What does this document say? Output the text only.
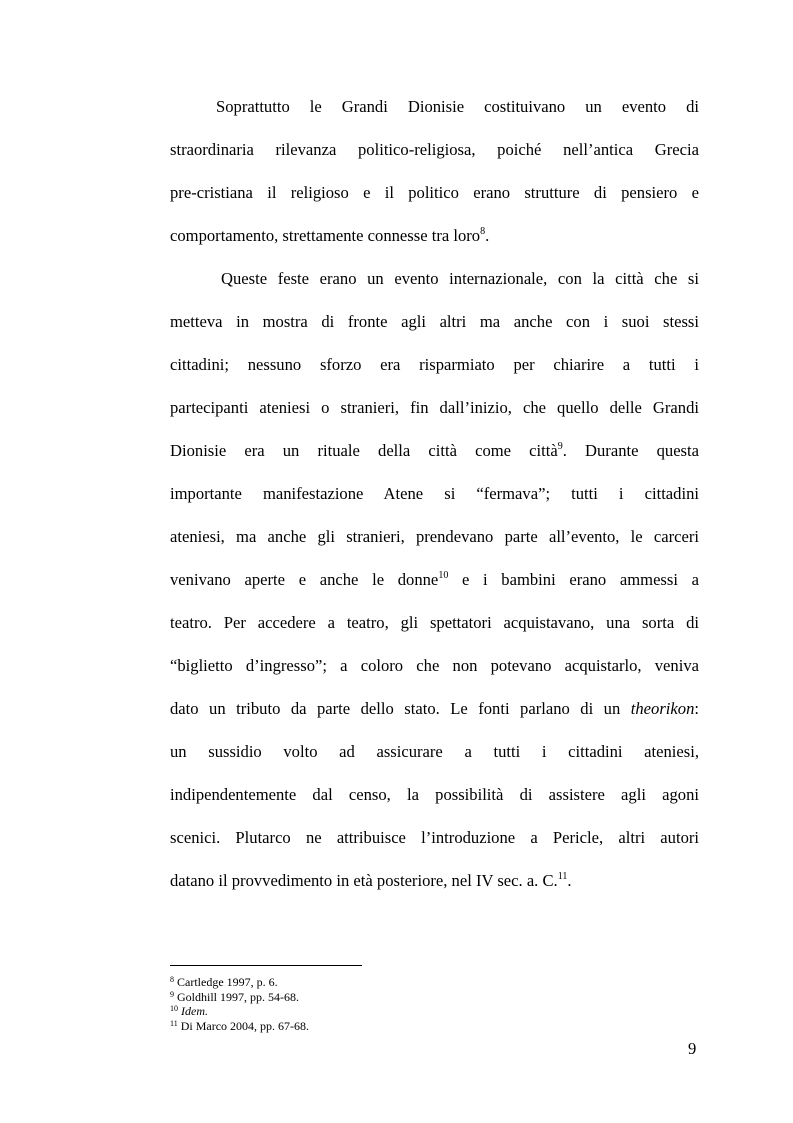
Soprattutto le Grandi Dionisie costituivano un evento di
straordinaria rilevanza politico-religiosa, poiché nell’antica Grecia
pre-cristiana il religioso e il politico erano strutture di pensiero e
comportamento, strettamente connesse tra loro$^8$.
Queste feste erano un evento internazionale, con la città che si
metteva in mostra di fronte agli altri ma anche con i suoi stessi
cittadini; nessuno sforzo era risparmiato per chiarire a tutti i
partecipanti ateniesi o stranieri, fin dall’inizio, che quello delle Grandi
Dionisie era un rituale della città come città$^9$. Durante questa
importante manifestazione Atene si “fermava”; tutti i cittadini
ateniesi, ma anche gli stranieri, prendevano parte all’evento, le carceri
venivano aperte e anche le donne$^{10}$ e i bambini erano ammessi a
teatro. Per accedere a teatro, gli spettatori acquistavano, una sorta di
“biglietto d’ingresso”; a coloro che non potevano acquistarlo, veniva
dato un tributo da parte dello stato. Le fonti parlano di un theorikon:
un sussidio volto ad assicurare a tutti i cittadini ateniesi,
indipendentemente dal censo, la possibilità di assistere agli agoni
scenici. Plutarco ne attribuisce l’introduzione a Pericle, altri autori
datano il provvedimento in età posteriore, nel IV sec. a. C.$^{11}$.
$^8$ Cartledge 1997, p. 6.
$^9$ Goldhill 1997, pp. 54-68.
$^{10}$ Idem.
$^{11}$ Di Marco 2004, pp. 67-68.
9
